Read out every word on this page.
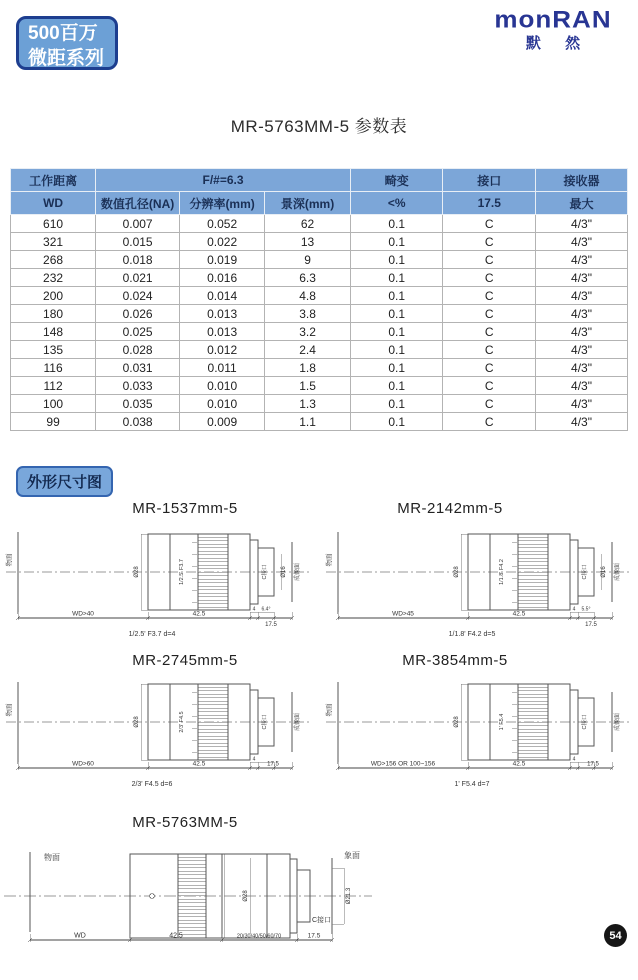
500百万
微距系列
monRAN
默 然
MR-5763MM-5 参数表
工作距离	F/#=6.3			畸变	接口	接收器
WD	数值孔径(NA)	分辨率(mm)	景深(mm)	<%	17.5	最大
610	0.007	0.052	62	0.1	C	4/3"
321	0.015	0.022	13	0.1	C	4/3"
268	0.018	0.019	9	0.1	C	4/3"
232	0.021	0.016	6.3	0.1	C	4/3"
200	0.024	0.014	4.8	0.1	C	4/3"
180	0.026	0.013	3.8	0.1	C	4/3"
148	0.025	0.013	3.2	0.1	C	4/3"
135	0.028	0.012	2.4	0.1	C	4/3"
116	0.031	0.011	1.8	0.1	C	4/3"
112	0.033	0.010	1.5	0.1	C	4/3"
100	0.035	0.010	1.3	0.1	C	4/3"
99	0.038	0.009	1.1	0.1	C	4/3"
外形尺寸图
MR-1537mm-5
物面
Ø28	1/2.5' F3.7	C接口 Ø16	成像面
WD>40	42.5
4 6.4°
17.5
1/2.5' F3.7 d=4
MR-2142mm-5
物面
Ø28	1/1.8' F4.2	C接口 Ø16	成像面
WD>45	42.5
4 5.5°
17.5
1/1.8' F4.2 d=5
MR-2745mm-5
物面
Ø28	2/3' F4.5	C接口	成像面
WD>60	42.5
4
17.5
2/3' F4.5 d=6
MR-3854mm-5
物面
Ø28	1' F5.4	C接口	成像面
WD>156 OR 100~156	42.5
4
17.5
1' F5.4 d=7
MR-5763MM-5
物面
Ø28
C接口
象面
Ø21.3
WD	42.5	20/30/40/50/60/70	17.5	54
